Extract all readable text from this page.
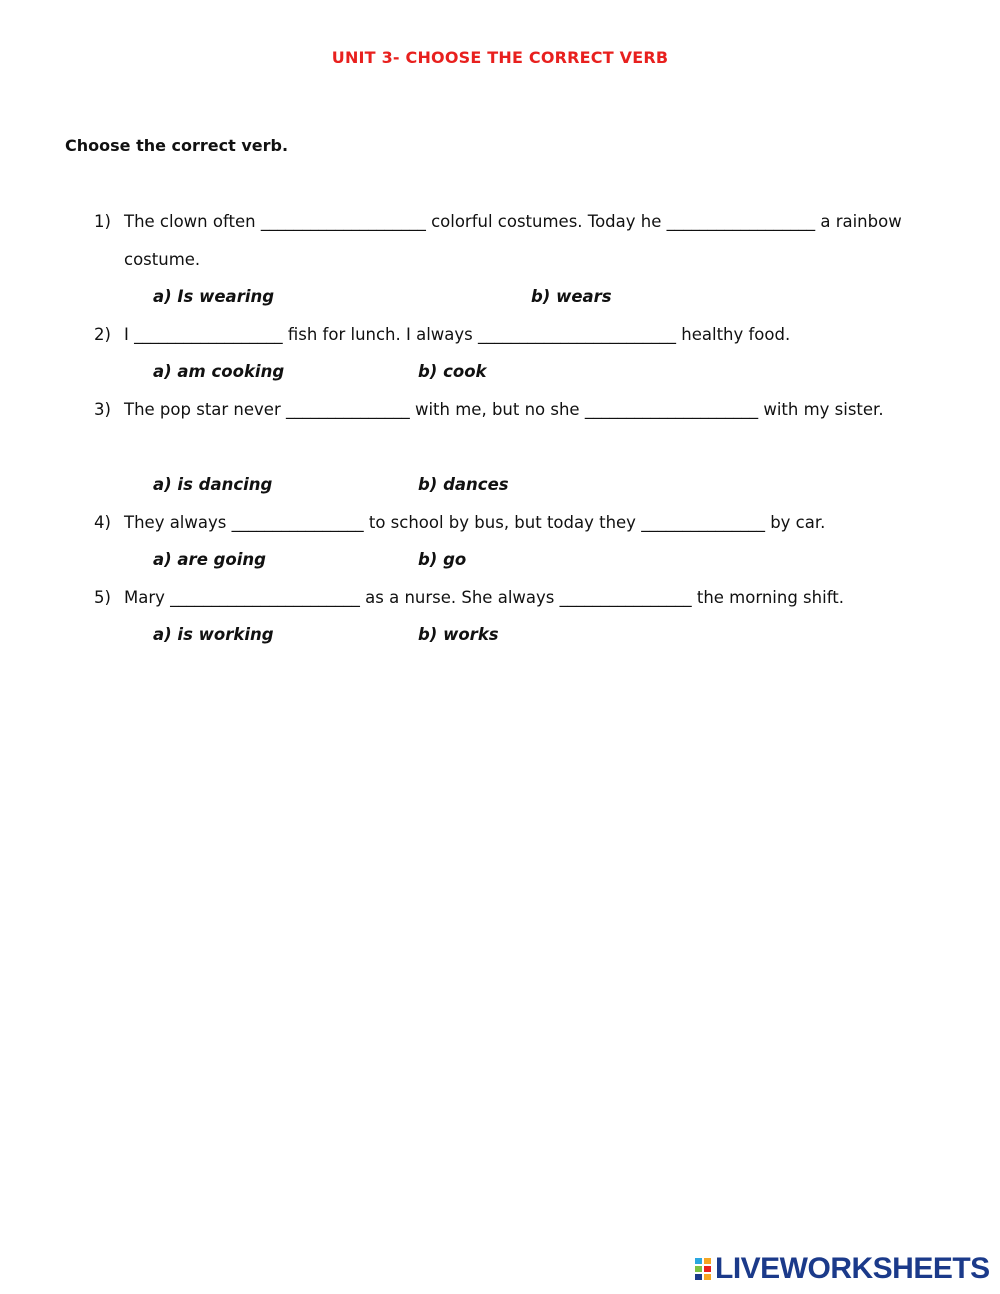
UNIT 3- CHOOSE THE CORRECT VERB
Choose the correct verb.
1) The clown often ____________________ colorful costumes. Today he __________________ a rainbow costume.
a) Is wearing	b) wears
2) I __________________ fish for lunch. I always ________________________ healthy food.
a) am cooking	b) cook
3) The pop star never _______________ with me, but no she _____________________ with my sister.
a) is dancing	b) dances
4) They always ________________ to school by bus, but today they _______________ by car.
a) are going	b) go
5) Mary _______________________ as a nurse. She always ________________ the morning shift.
a) is working	b) works
LIVEWORKSHEETS
